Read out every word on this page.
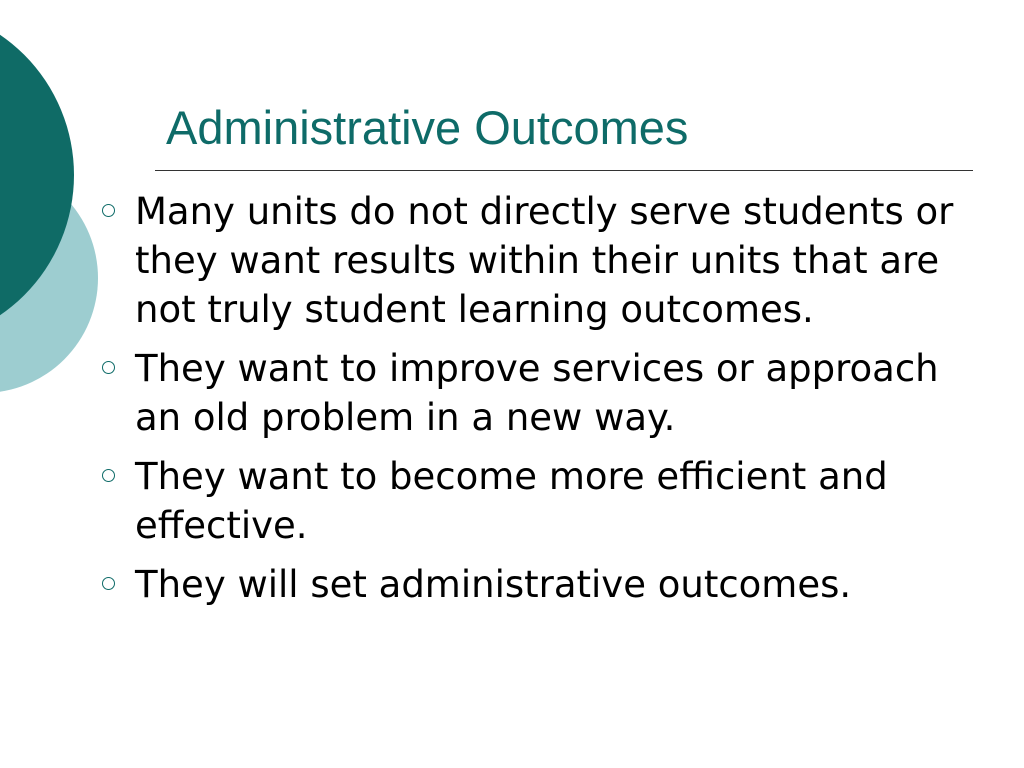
Administrative Outcomes
Many units do not directly serve students or they want results within their units that are not truly student learning outcomes.
They want to improve services or approach an old problem in a new way.
They want to become more efficient and effective.
They will set administrative outcomes.
